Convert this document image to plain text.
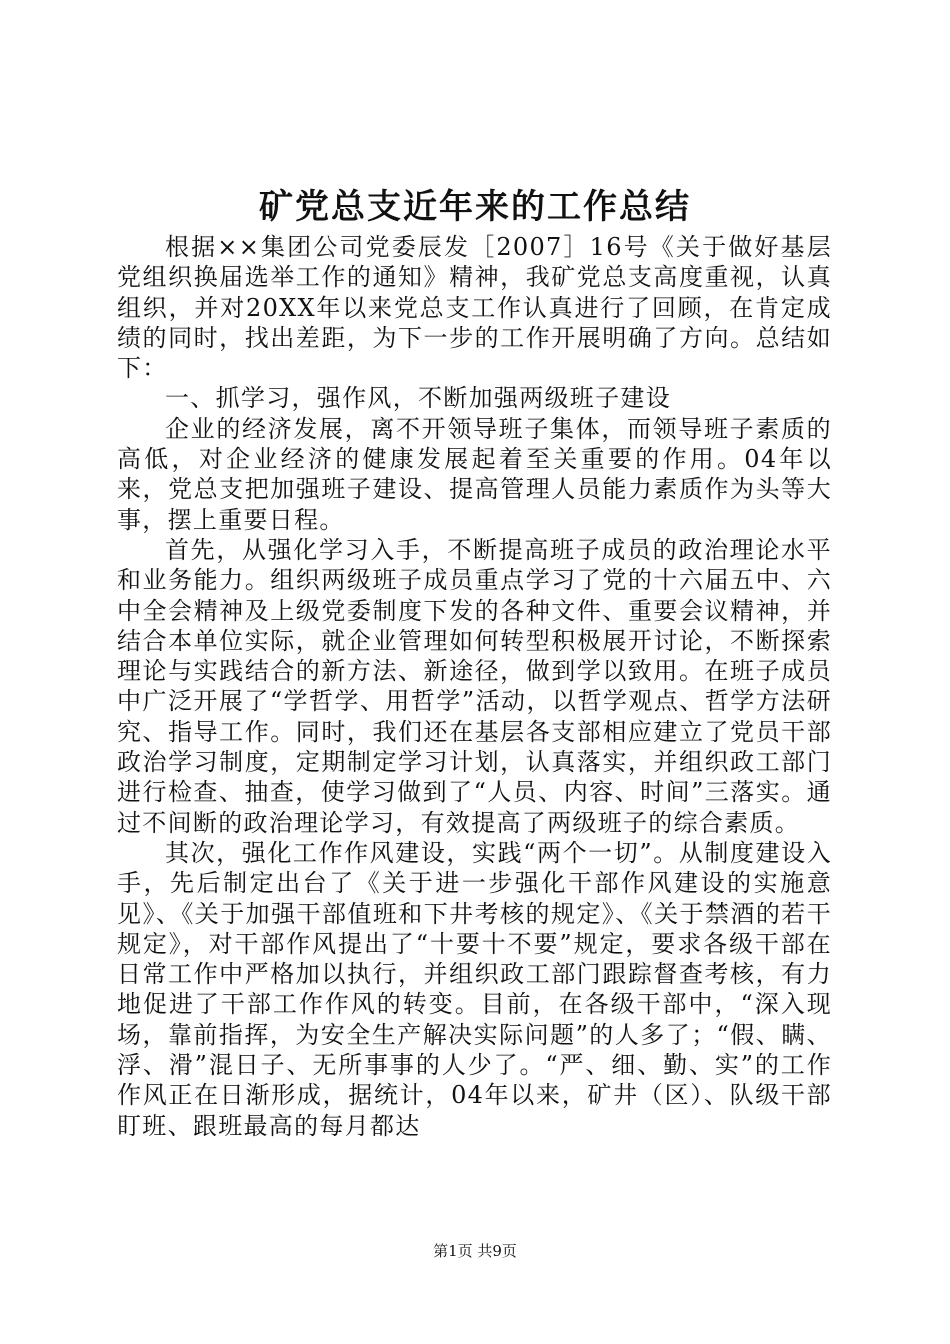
矿党总支近年来的工作总结

根据××集团公司党委辰发［2007］16号《关于做好基层党组织换届选举工作的通知》精神，我矿党总支高度重视，认真组织，并对20XX年以来党总支工作认真进行了回顾，在肯定成绩的同时，找出差距，为下一步的工作开展明确了方向。总结如下：

一、抓学习，强作风，不断加强两级班子建设

企业的经济发展，离不开领导班子集体，而领导班子素质的高低，对企业经济的健康发展起着至关重要的作用。04年以来，党总支把加强班子建设、提高管理人员能力素质作为头等大事，摆上重要日程。

首先，从强化学习入手，不断提高班子成员的政治理论水平和业务能力。组织两级班子成员重点学习了党的十六届五中、六中全会精神及上级党委制度下发的各种文件、重要会议精神，并结合本单位实际，就企业管理如何转型积极展开讨论，不断探索理论与实践结合的新方法、新途径，做到学以致用。在班子成员中广泛开展了“学哲学、用哲学”活动，以哲学观点、哲学方法研究、指导工作。同时，我们还在基层各支部相应建立了党员干部政治学习制度，定期制定学习计划，认真落实，并组织政工部门进行检查、抽查，使学习做到了“人员、内容、时间”三落实。通过不间断的政治理论学习，有效提高了两级班子的综合素质。

其次，强化工作作风建设，实践“两个一切”。从制度建设入手，先后制定出台了《关于进一步强化干部作风建设的实施意见》、《关于加强干部值班和下井考核的规定》、《关于禁酒的若干规定》，对干部作风提出了“十要十不要”规定，要求各级干部在日常工作中严格加以执行，并组织政工部门跟踪督查考核，有力地促进了干部工作作风的转变。目前，在各级干部中，“深入现场，靠前指挥，为安全生产解决实际问题”的人多了；“假、瞒、浮、滑”混日子、无所事事的人少了。“严、细、勤、实”的工作作风正在日渐形成，据统计，04年以来，矿井（区）、队级干部盯班、跟班最高的每月都达

第1页 共9页
